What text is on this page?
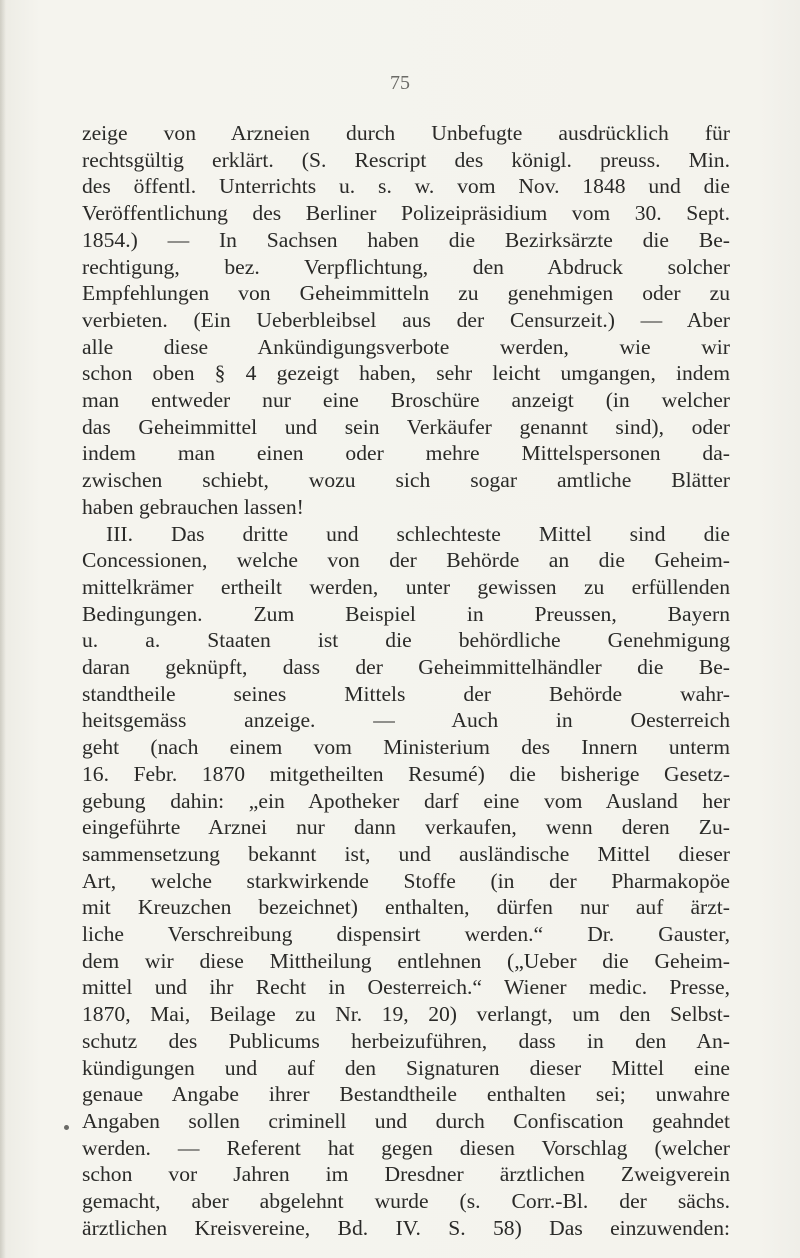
75
zeige von Arzneien durch Unbefugte ausdrücklich für
rechtsgültig erklärt. (S. Rescript des königl. preuss. Min.
des öffentl. Unterrichts u. s. w. vom Nov. 1848 und die
Veröffentlichung des Berliner Polizeipräsidium vom 30. Sept.
1854.) — In Sachsen haben die Bezirksärzte die Be-
rechtigung, bez. Verpflichtung, den Abdruck solcher
Empfehlungen von Geheimmitteln zu genehmigen oder zu
verbieten. (Ein Ueberbleibsel aus der Censurzeit.) — Aber
alle diese Ankündigungsverbote werden, wie wir
schon oben § 4 gezeigt haben, sehr leicht umgangen, indem
man entweder nur eine Broschüre anzeigt (in welcher
das Geheimmittel und sein Verkäufer genannt sind), oder
indem man einen oder mehre Mittelspersonen da-
zwischen schiebt, wozu sich sogar amtliche Blätter
haben gebrauchen lassen!
III. Das dritte und schlechteste Mittel sind die
Concessionen, welche von der Behörde an die Geheim-
mittelkrämer ertheilt werden, unter gewissen zu erfüllenden
Bedingungen. Zum Beispiel in Preussen, Bayern
u. a. Staaten ist die behördliche Genehmigung
daran geknüpft, dass der Geheimmittelhändler die Be-
standtheile seines Mittels der Behörde wahr-
heitsgemäss anzeige. — Auch in Oesterreich
geht (nach einem vom Ministerium des Innern unterm
16. Febr. 1870 mitgetheilten Resumé) die bisherige Gesetz-
gebung dahin: „ein Apotheker darf eine vom Ausland her
eingeführte Arznei nur dann verkaufen, wenn deren Zu-
sammensetzung bekannt ist, und ausländische Mittel dieser
Art, welche starkwirkende Stoffe (in der Pharmakopöe
mit Kreuzchen bezeichnet) enthalten, dürfen nur auf ärzt-
liche Verschreibung dispensirt werden.“ Dr. Gauster,
dem wir diese Mittheilung entlehnen („Ueber die Geheim-
mittel und ihr Recht in Oesterreich.“ Wiener medic. Presse,
1870, Mai, Beilage zu Nr. 19, 20) verlangt, um den Selbst-
schutz des Publicums herbeizuführen, dass in den An-
kündigungen und auf den Signaturen dieser Mittel eine
genaue Angabe ihrer Bestandtheile enthalten sei; unwahre
Angaben sollen criminell und durch Confiscation geahndet
werden. — Referent hat gegen diesen Vorschlag (welcher
schon vor Jahren im Dresdner ärztlichen Zweigverein
gemacht, aber abgelehnt wurde (s. Corr.-Bl. der sächs.
ärztlichen Kreisvereine, Bd. IV. S. 58) Das einzuwenden:
